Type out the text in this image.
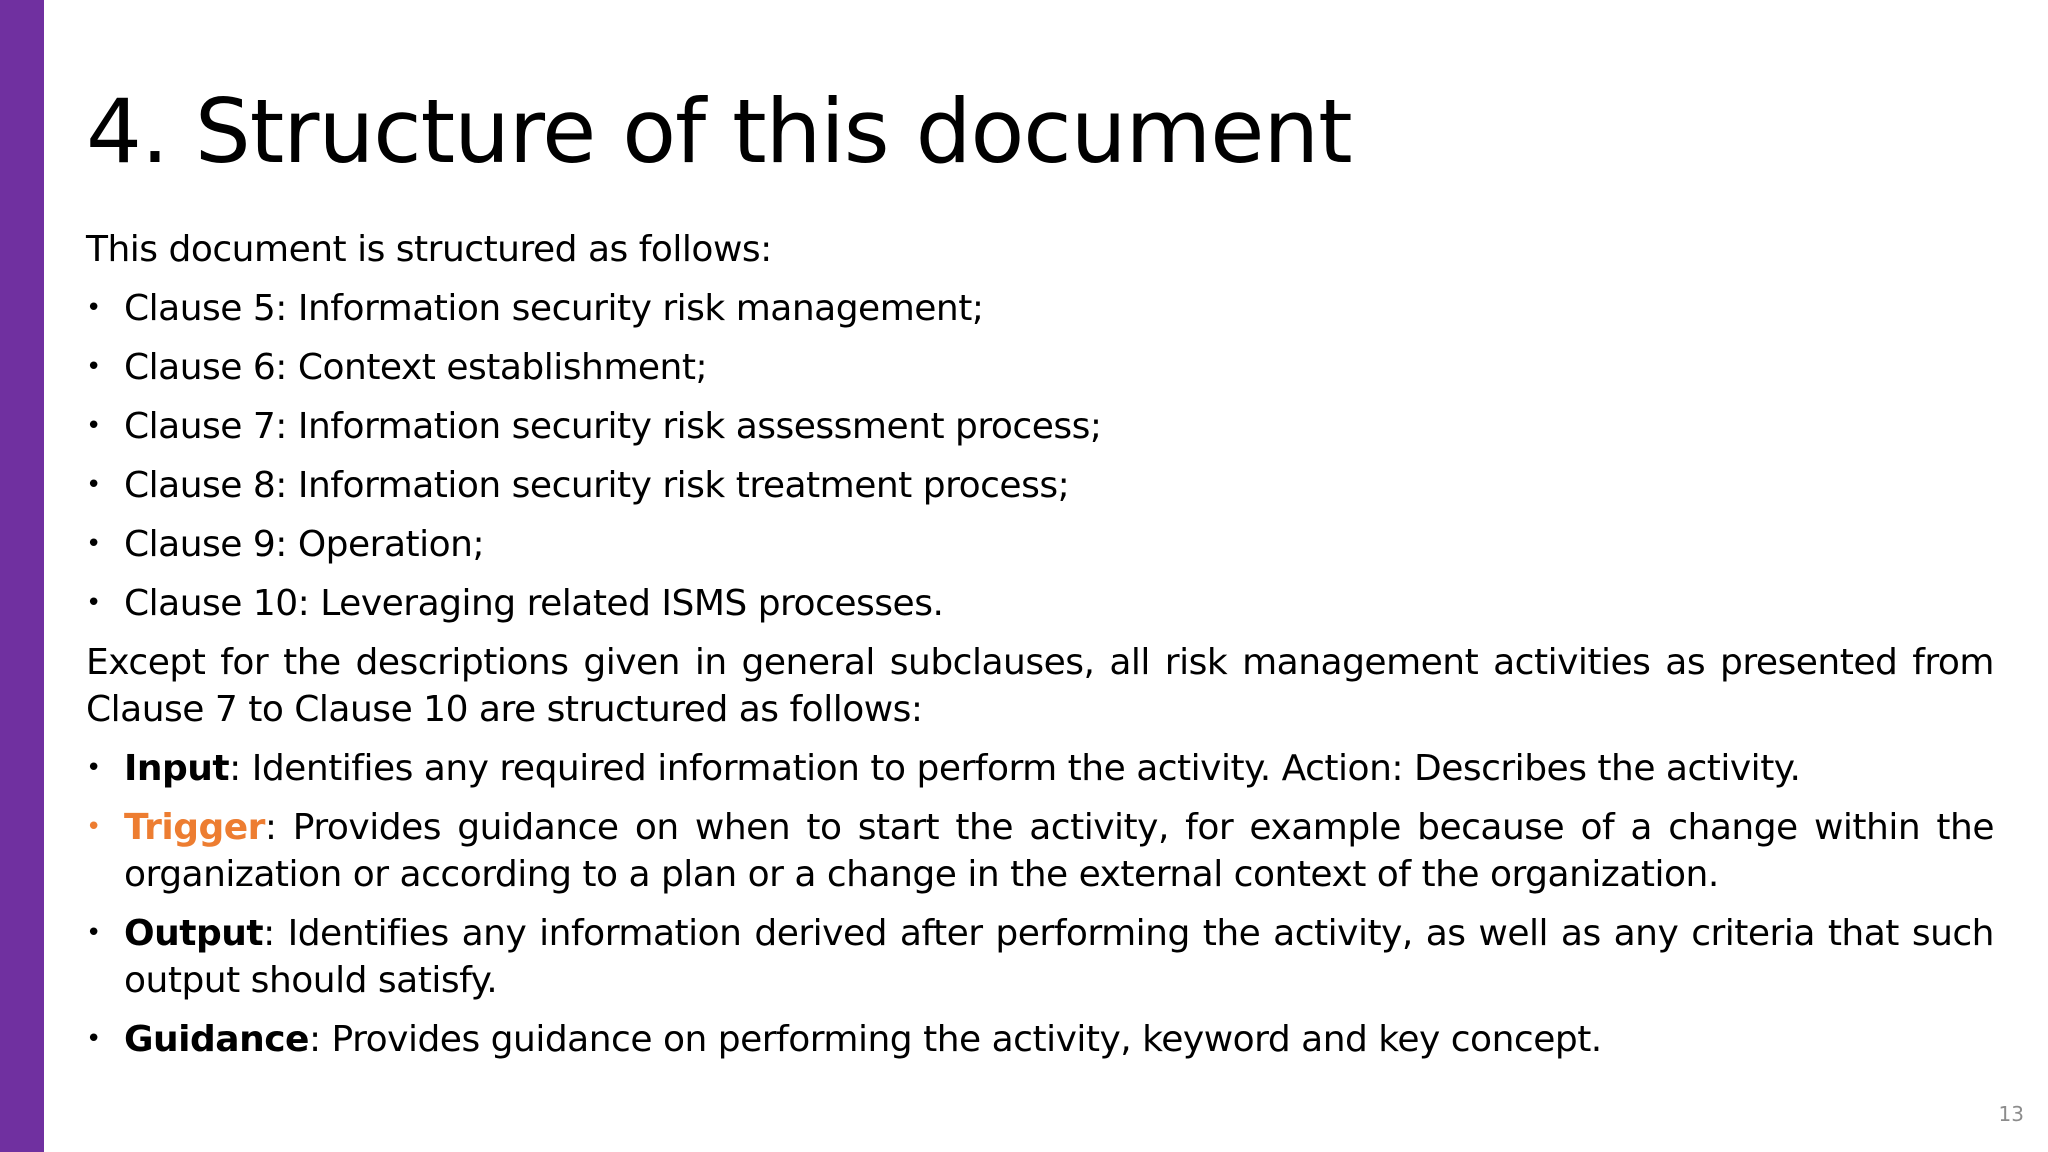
4. Structure of this document

This document is structured as follows:

• Clause 5: Information security risk management;
• Clause 6: Context establishment;
• Clause 7: Information security risk assessment process;
• Clause 8: Information security risk treatment process;
• Clause 9: Operation;
• Clause 10: Leveraging related ISMS processes.

Except for the descriptions given in general subclauses, all risk management activities as presented from Clause 7 to Clause 10 are structured as follows:

• Input: Identifies any required information to perform the activity. Action: Describes the activity.
• Trigger: Provides guidance on when to start the activity, for example because of a change within the organization or according to a plan or a change in the external context of the organization.
• Output: Identifies any information derived after performing the activity, as well as any criteria that such output should satisfy.
• Guidance: Provides guidance on performing the activity, keyword and key concept.
13
